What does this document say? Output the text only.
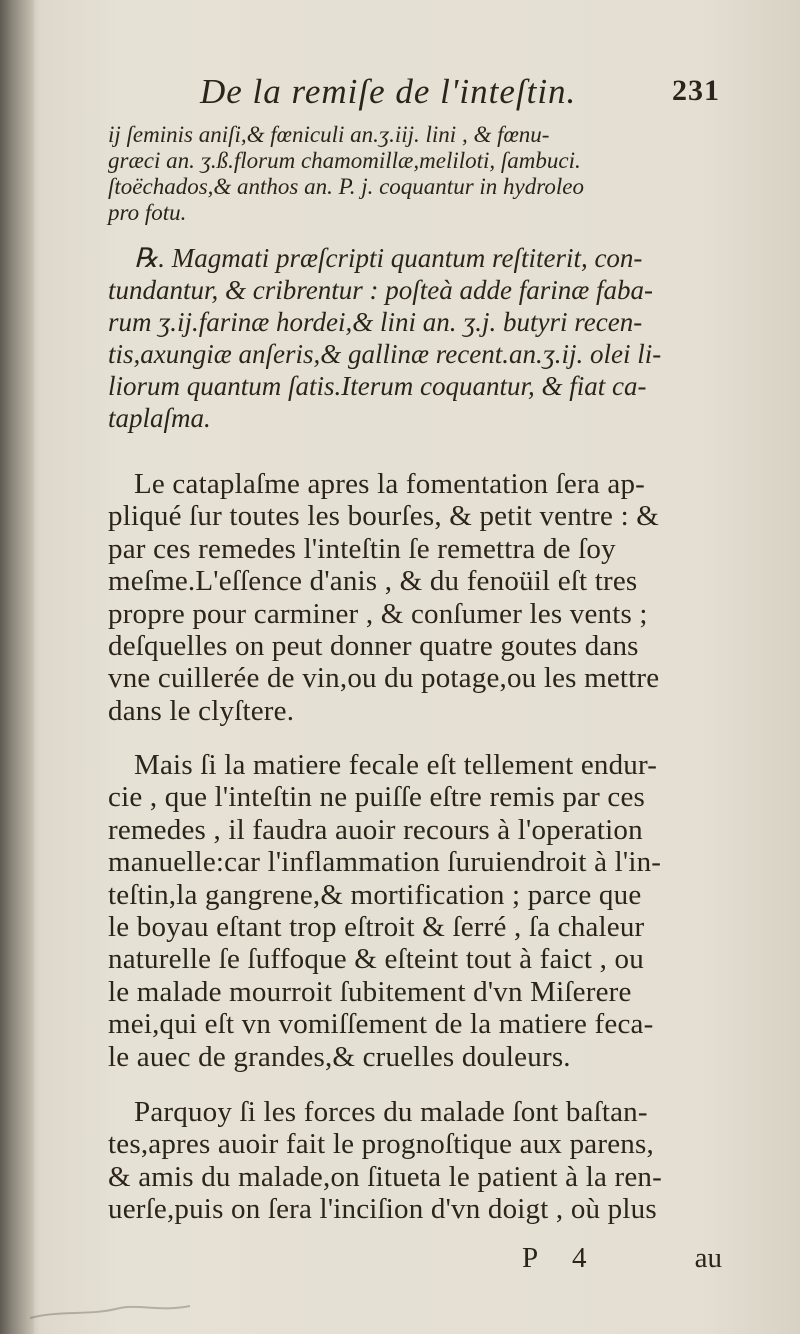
De la remiſe de l'inteſtin.	231
ij ſeminis aniſi,& fœniculi an.ʒ.iij. lini , & fœnu-
græci an. ʒ.ß.florum chamomillæ,meliloti, ſambuci.
ſtoëchados,& anthos an. P. j. coquantur in hydroleo
pro fotu.
℞. Magmati præſcripti quantum reſtiterit, con-
tundantur, & cribrentur : poſteà adde farinæ faba-
rum ʒ.ij.farinæ hordei,& lini an. ʒ.j. butyri recen-
tis,axungiæ anſeris,& gallinæ recent.an.ʒ.ij. olei li-
liorum quantum ſatis.Iterum coquantur, & fiat ca-
taplaſma.
Le cataplaſme apres la fomentation ſera ap-
pliqué ſur toutes les bourſes, & petit ventre : &
par ces remedes l'inteſtin ſe remettra de ſoy
meſme.L'eſſence d'anis , & du fenoüil eſt tres
propre pour carminer , & conſumer les vents ;
deſquelles on peut donner quatre goutes dans
vne cuillerée de vin,ou du potage,ou les mettre
dans le clyſtere.
Mais ſi la matiere fecale eſt tellement endur-
cie , que l'inteſtin ne puiſſe eſtre remis par ces
remedes , il faudra auoir recours à l'operation
manuelle:car l'inflammation ſuruiendroit à l'in-
teſtin,la gangrene,& mortification ; parce que
le boyau eſtant trop eſtroit & ſerré , ſa chaleur
naturelle ſe ſuffoque & eſteint tout à faict , ou
le malade mourroit ſubitement d'vn Miſerere
mei,qui eſt vn vomiſſement de la matiere feca-
le auec de grandes,& cruelles douleurs.
Parquoy ſi les forces du malade ſont baſtan-
tes,apres auoir fait le prognoſtique aux parens,
& amis du malade,on ſitueta le patient à la ren-
uerſe,puis on ſera l'inciſion d'vn doigt , où plus
P 4	au
